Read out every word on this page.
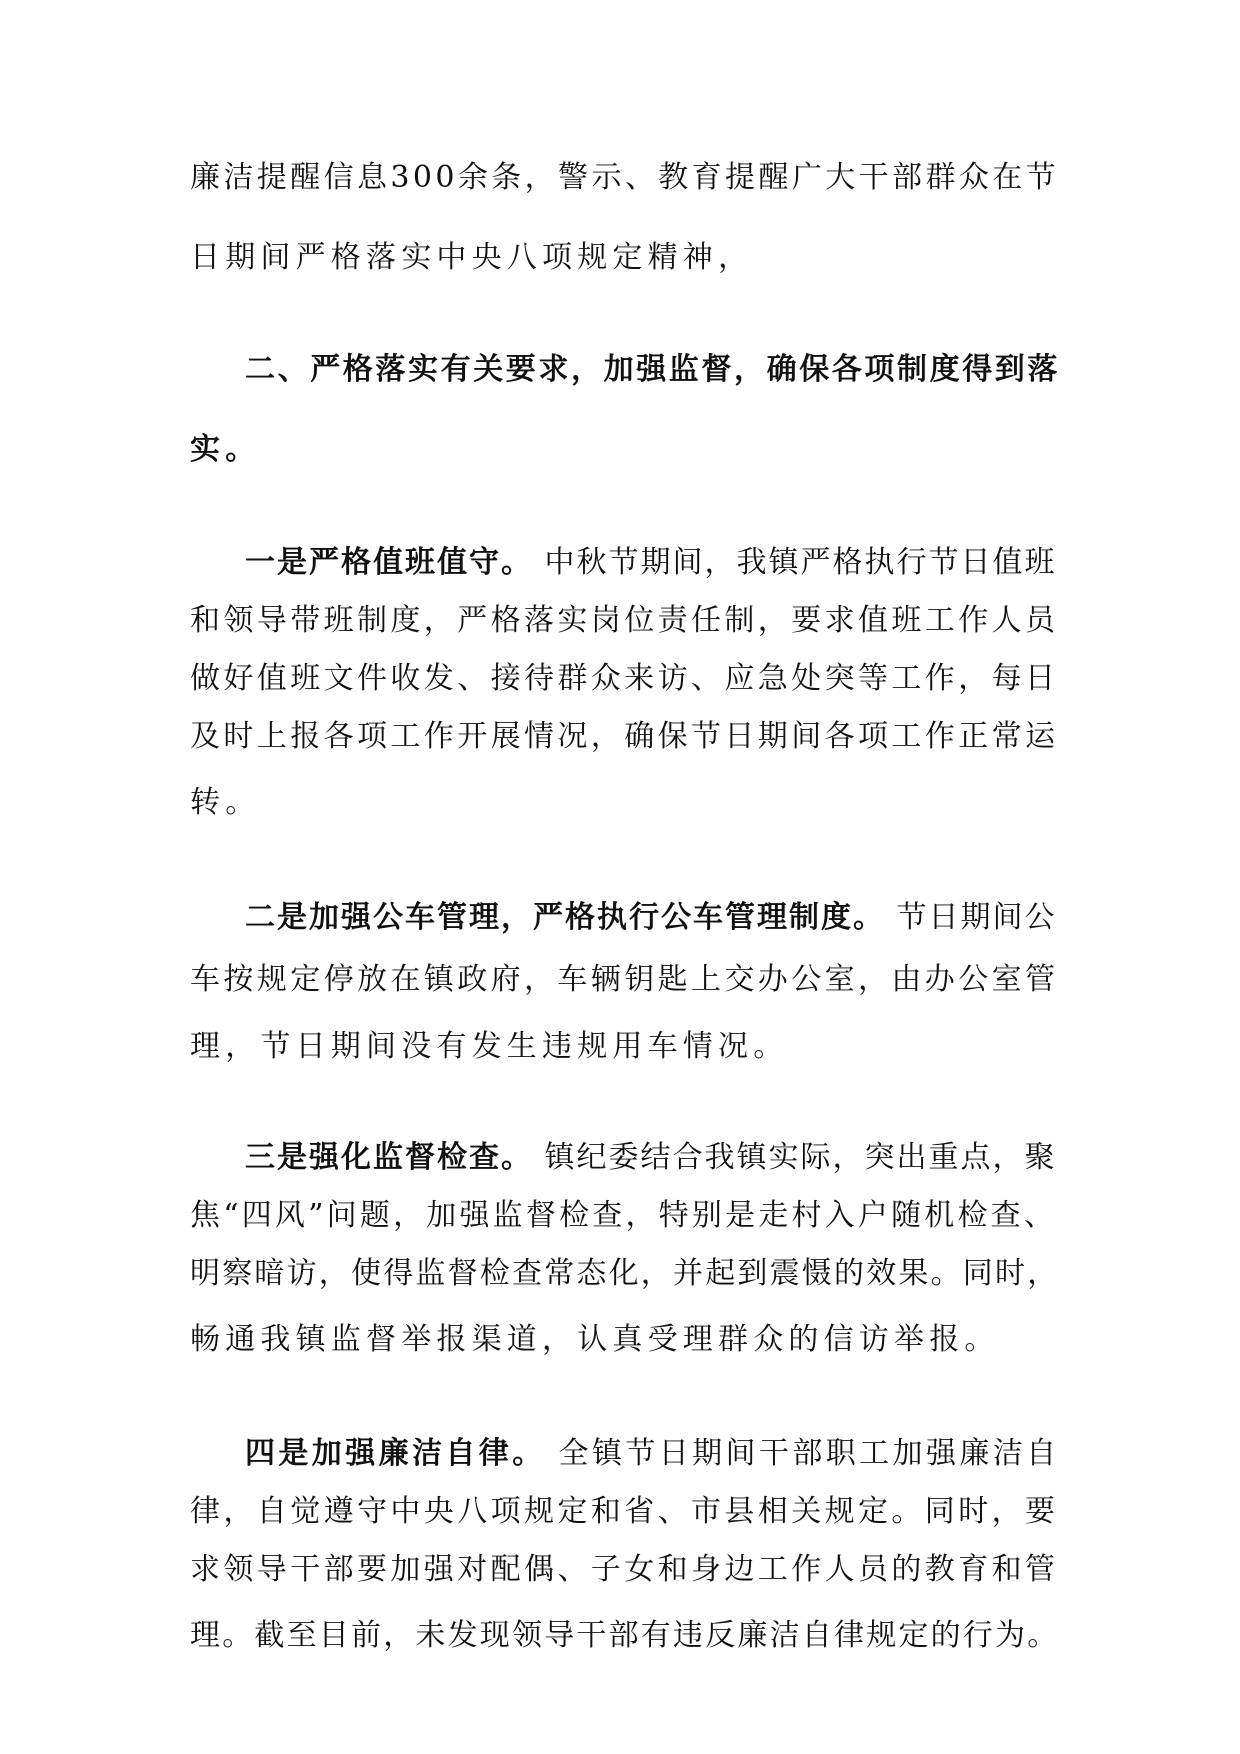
廉洁提醒信息300余条，警示、教育提醒广大干部群众在节
日期间严格落实中央八项规定精神，
二、严格落实有关要求，加强监督，确保各项制度得到落
实。
一是严格值班值守。 中秋节期间，我镇严格执行节日值班
和领导带班制度，严格落实岗位责任制，要求值班工作人员
做好值班文件收发、接待群众来访、应急处突等工作，每日
及时上报各项工作开展情况，确保节日期间各项工作正常运
转。
二是加强公车管理，严格执行公车管理制度。 节日期间公
车按规定停放在镇政府，车辆钥匙上交办公室，由办公室管
理，节日期间没有发生违规用车情况。
三是强化监督检查。 镇纪委结合我镇实际，突出重点，聚
焦“四风”问题，加强监督检查，特别是走村入户随机检查、
明察暗访，使得监督检查常态化，并起到震慑的效果。同时，
畅通我镇监督举报渠道，认真受理群众的信访举报。
四是加强廉洁自律。 全镇节日期间干部职工加强廉洁自
律，自觉遵守中央八项规定和省、市县相关规定。同时，要
求领导干部要加强对配偶、子女和身边工作人员的教育和管
理。截至目前，未发现领导干部有违反廉洁自律规定的行为。
